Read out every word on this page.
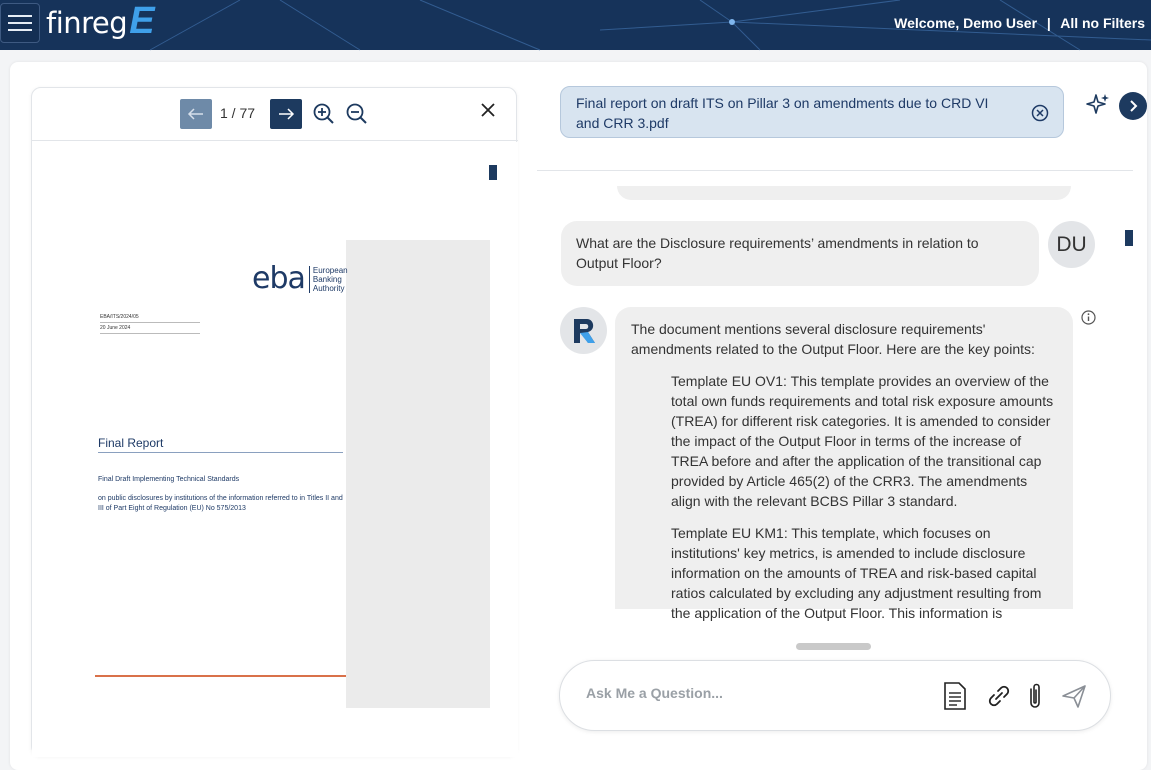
finreg E	Welcome, Demo User | All no Filters
1 / 77
eba European
Banking
Authority
EBA/ITS/2024/05
20 June 2024
Final Report
Final Draft Implementing Technical Standards
on public disclosures by institutions of the information referred to in Titles II and III of Part Eight of Regulation (EU) No 575/2013
Final report on draft ITS on Pillar 3 on amendments due to CRD VI and CRR 3.pdf
What are the Disclosure requirements’ amendments in relation to Output Floor?
DU
The document mentions several disclosure requirements' amendments related to the Output Floor. Here are the key points:
Template EU OV1: This template provides an overview of the total own funds requirements and total risk exposure amounts (TREA) for different risk categories. It is amended to consider the impact of the Output Floor in terms of the increase of TREA before and after the application of the transitional cap provided by Article 465(2) of the CRR3. The amendments align with the relevant BCBS Pillar 3 standard.
Template EU KM1: This template, which focuses on institutions' key metrics, is amended to include disclosure information on the amounts of TREA and risk-based capital ratios calculated by excluding any adjustment resulting from the application of the Output Floor. This information is
Ask Me a Question...
